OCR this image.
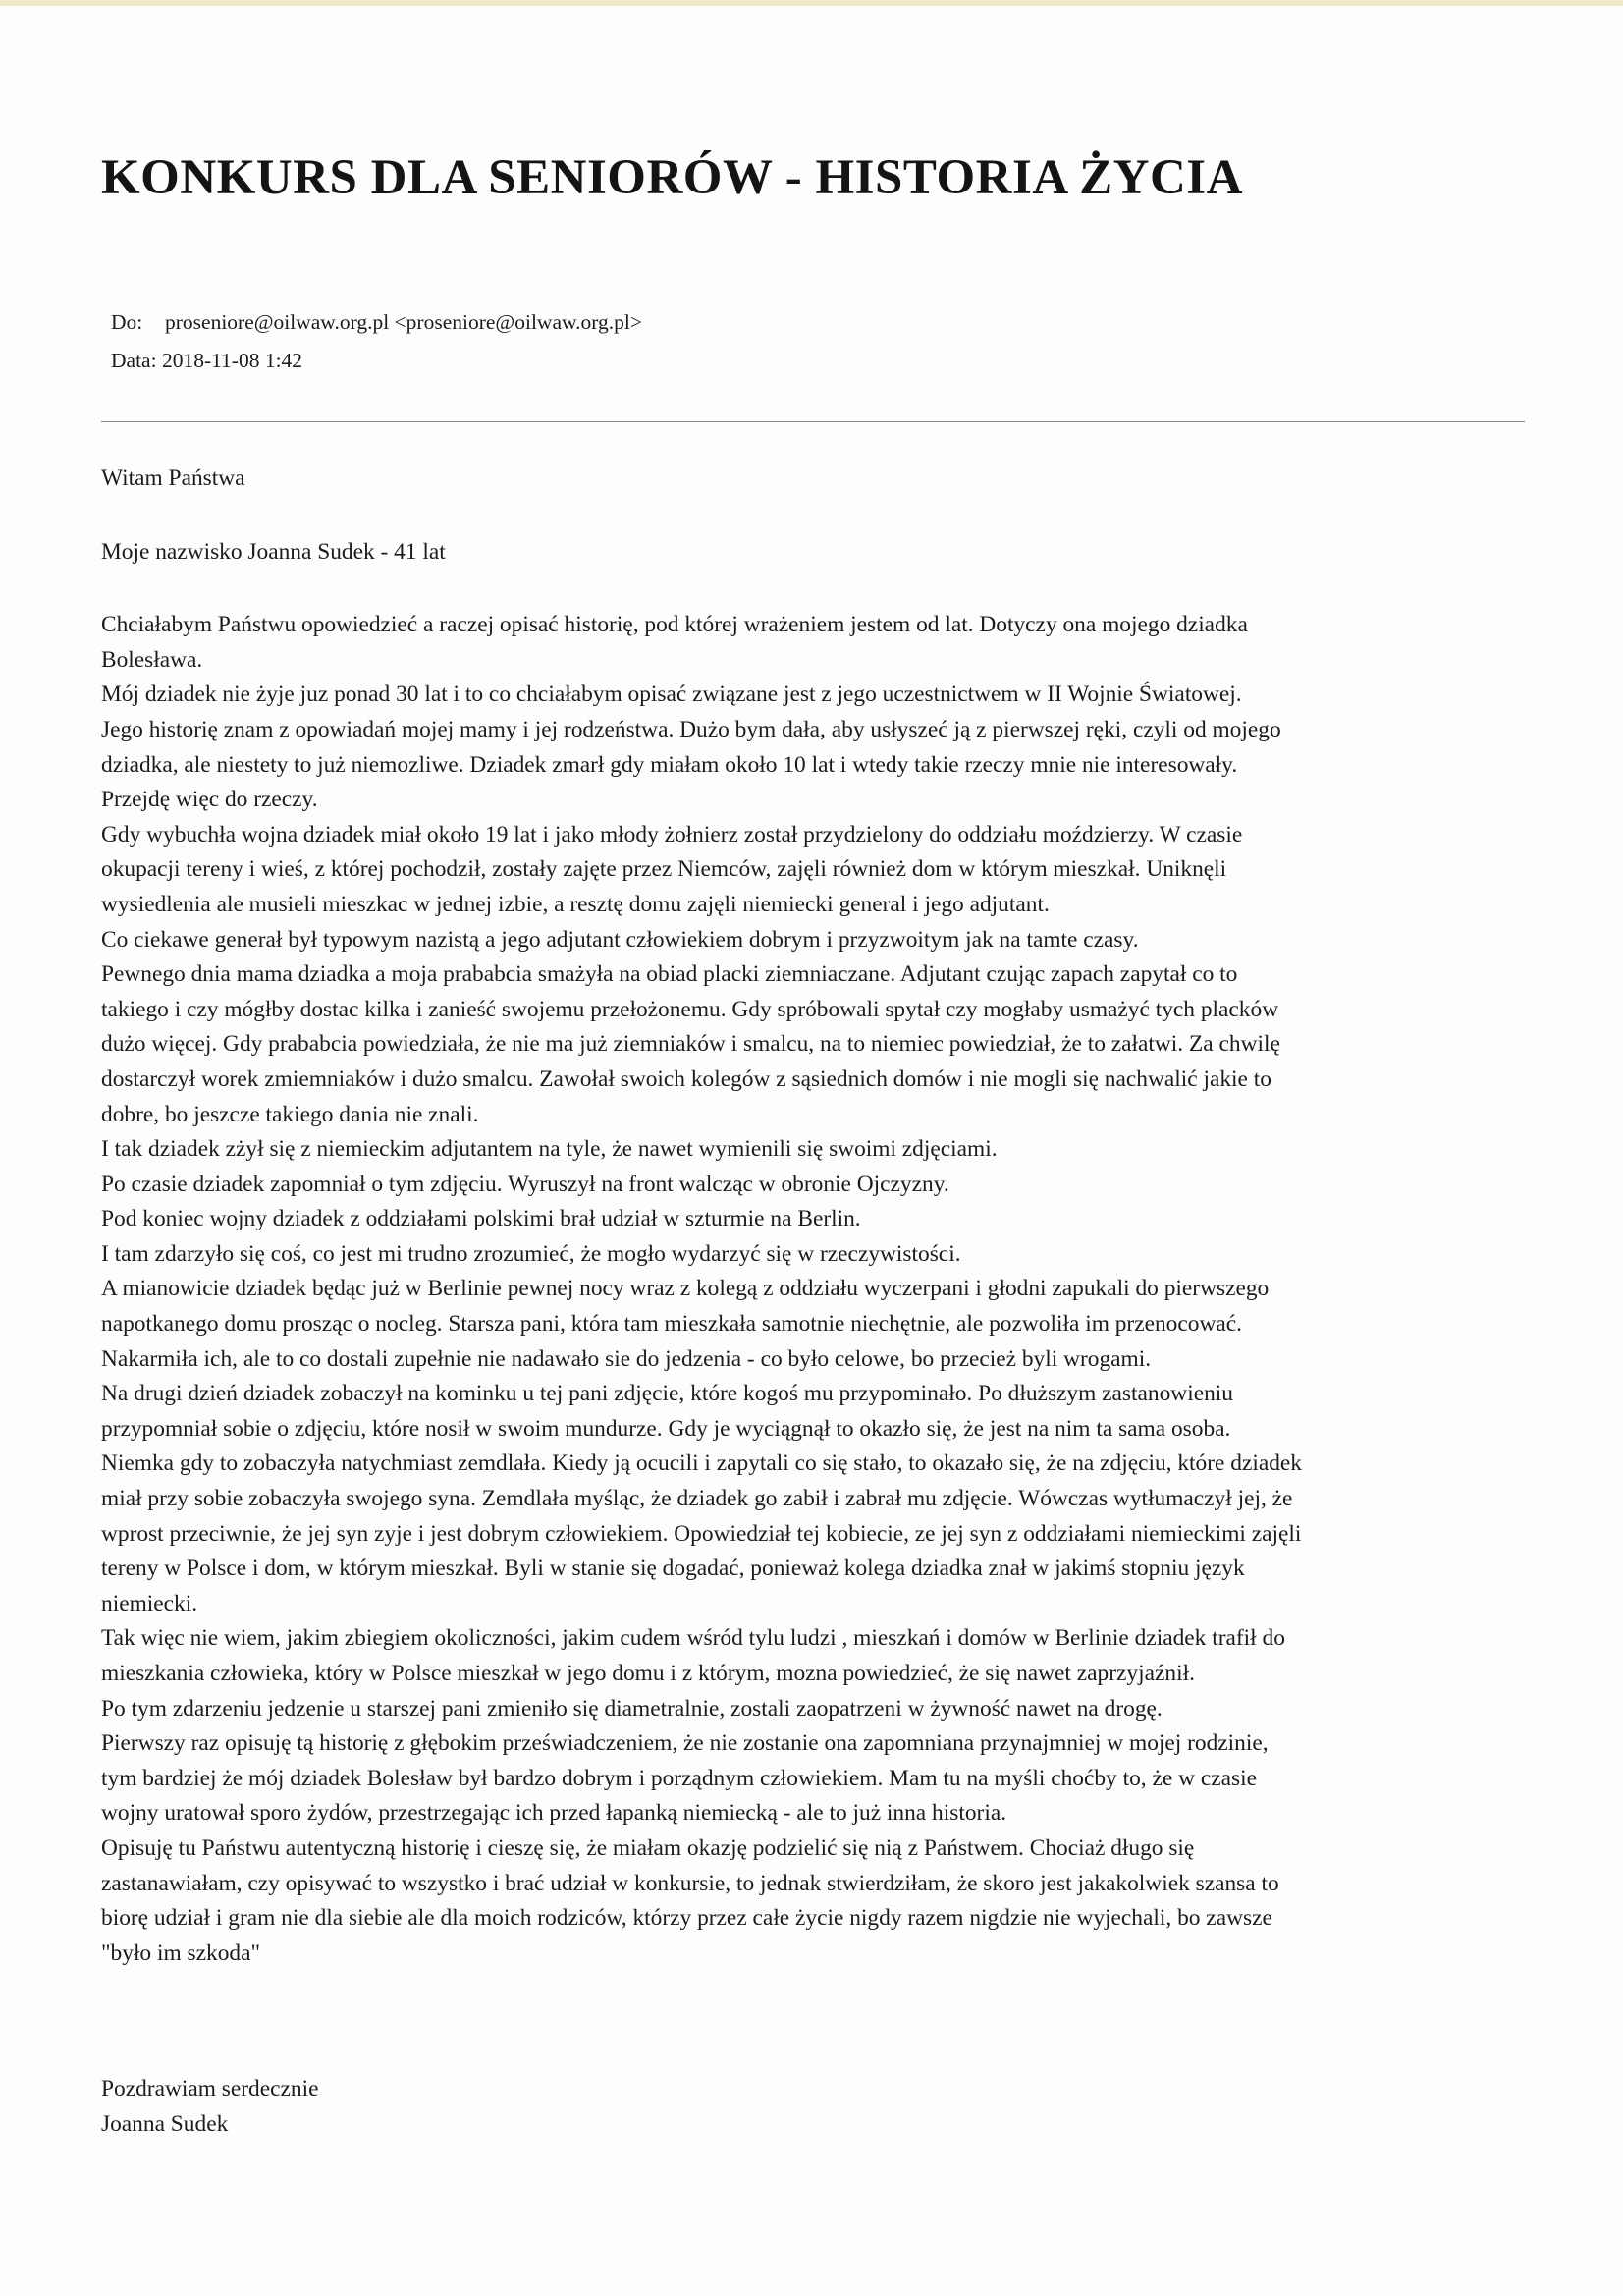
KONKURS DLA SENIORÓW - HISTORIA ŻYCIA
Do: proseniore@oilwaw.org.pl <proseniore@oilwaw.org.pl>
Data: 2018-11-08 1:42

Witam Państwa

Moje nazwisko Joanna Sudek - 41 lat

Chciałabym Państwu opowiedzieć a raczej opisać historię, pod której wrażeniem jestem od lat. Dotyczy ona mojego dziadka

Bolesława.

Mój dziadek nie żyje juz ponad 30 lat i to co chciałabym opisać związane jest z jego uczestnictwem w II Wojnie Światowej.

Jego historię znam z opowiadań mojej mamy i jej rodzeństwa. Dużo bym dała, aby usłyszeć ją z pierwszej ręki, czyli od mojego

dziadka, ale niestety to już niemozliwe. Dziadek zmarł gdy miałam około 10 lat i wtedy takie rzeczy mnie nie interesowały.

Przejdę więc do rzeczy.

Gdy wybuchła wojna dziadek miał około 19 lat i jako młody żołnierz został przydzielony do oddziału moździerzy. W czasie

okupacji tereny i wieś, z której pochodził, zostały zajęte przez Niemców, zajęli również dom w którym mieszkał. Uniknęli

wysiedlenia ale musieli mieszkac w jednej izbie, a resztę domu zajęli niemiecki general i jego adjutant.

Co ciekawe generał był typowym nazistą a jego adjutant człowiekiem dobrym i przyzwoitym jak na tamte czasy.

Pewnego dnia mama dziadka a moja prababcia smażyła na obiad placki ziemniaczane. Adjutant czując zapach zapytał co to

takiego i czy mógłby dostac kilka i zanieść swojemu przełożonemu. Gdy spróbowali spytał czy mogłaby usmażyć tych placków

dużo więcej. Gdy prababcia powiedziała, że nie ma już ziemniaków i smalcu, na to niemiec powiedział, że to załatwi. Za chwilę

dostarczył worek zmiemniaków i dużo smalcu. Zawołał swoich kolegów z sąsiednich domów i nie mogli się nachwalić jakie to

dobre, bo jeszcze takiego dania nie znali.

I tak dziadek zżył się z niemieckim adjutantem na tyle, że nawet wymienili się swoimi zdjęciami.

Po czasie dziadek zapomniał o tym zdjęciu. Wyruszył na front walcząc w obronie Ojczyzny.

Pod koniec wojny dziadek z oddziałami polskimi brał udział w szturmie na Berlin.

I tam zdarzyło się coś, co jest mi trudno zrozumieć, że mogło wydarzyć się w rzeczywistości.

A mianowicie dziadek będąc już w Berlinie pewnej nocy wraz z kolegą z oddziału wyczerpani i głodni zapukali do pierwszego

napotkanego domu prosząc o nocleg. Starsza pani, która tam mieszkała samotnie niechętnie, ale pozwoliła im przenocować.

Nakarmiła ich, ale to co dostali zupełnie nie nadawało sie do jedzenia - co było celowe, bo przecież byli wrogami.

Na drugi dzień dziadek zobaczył na kominku u tej pani zdjęcie, które kogoś mu przypominało. Po dłuższym zastanowieniu

przypomniał sobie o zdjęciu, które nosił w swoim mundurze. Gdy je wyciągnął to okazło się, że jest na nim ta sama osoba.

Niemka gdy to zobaczyła natychmiast zemdlała. Kiedy ją ocucili i zapytali co się stało, to okazało się, że na zdjęciu, które dziadek

miał przy sobie zobaczyła swojego syna. Zemdlała myśląc, że dziadek go zabił i zabrał mu zdjęcie. Wówczas wytłumaczył jej, że

wprost przeciwnie, że jej syn zyje i jest dobrym człowiekiem. Opowiedział tej kobiecie, ze jej syn z oddziałami niemieckimi zajęli

tereny w Polsce i dom, w którym mieszkał. Byli w stanie się dogadać, ponieważ kolega dziadka znał w jakimś stopniu język

niemiecki.

Tak więc nie wiem, jakim zbiegiem okoliczności, jakim cudem wśród tylu ludzi , mieszkań i domów w Berlinie dziadek trafił do

mieszkania człowieka, który w Polsce mieszkał w jego domu i z którym, mozna powiedzieć, że się nawet zaprzyjaźnił.

Po tym zdarzeniu jedzenie u starszej pani zmieniło się diametralnie, zostali zaopatrzeni w żywność nawet na drogę.

Pierwszy raz opisuję tą historię z głębokim przeświadczeniem, że nie zostanie ona zapomniana przynajmniej w mojej rodzinie,

tym bardziej że mój dziadek Bolesław był bardzo dobrym i porządnym człowiekiem. Mam tu na myśli choćby to, że w czasie

wojny uratował sporo żydów, przestrzegając ich przed łapanką niemiecką - ale to już inna historia.

Opisuję tu Państwu autentyczną historię i cieszę się, że miałam okazję podzielić się nią z Państwem. Chociaż długo się

zastanawiałam, czy opisywać to wszystko i brać udział w konkursie, to jednak stwierdziłam, że skoro jest jakakolwiek szansa to

biorę udział i gram nie dla siebie ale dla moich rodziców, którzy przez całe życie nigdy razem nigdzie nie wyjechali, bo zawsze

"było im szkoda"

Pozdrawiam serdecznie

Joanna Sudek
